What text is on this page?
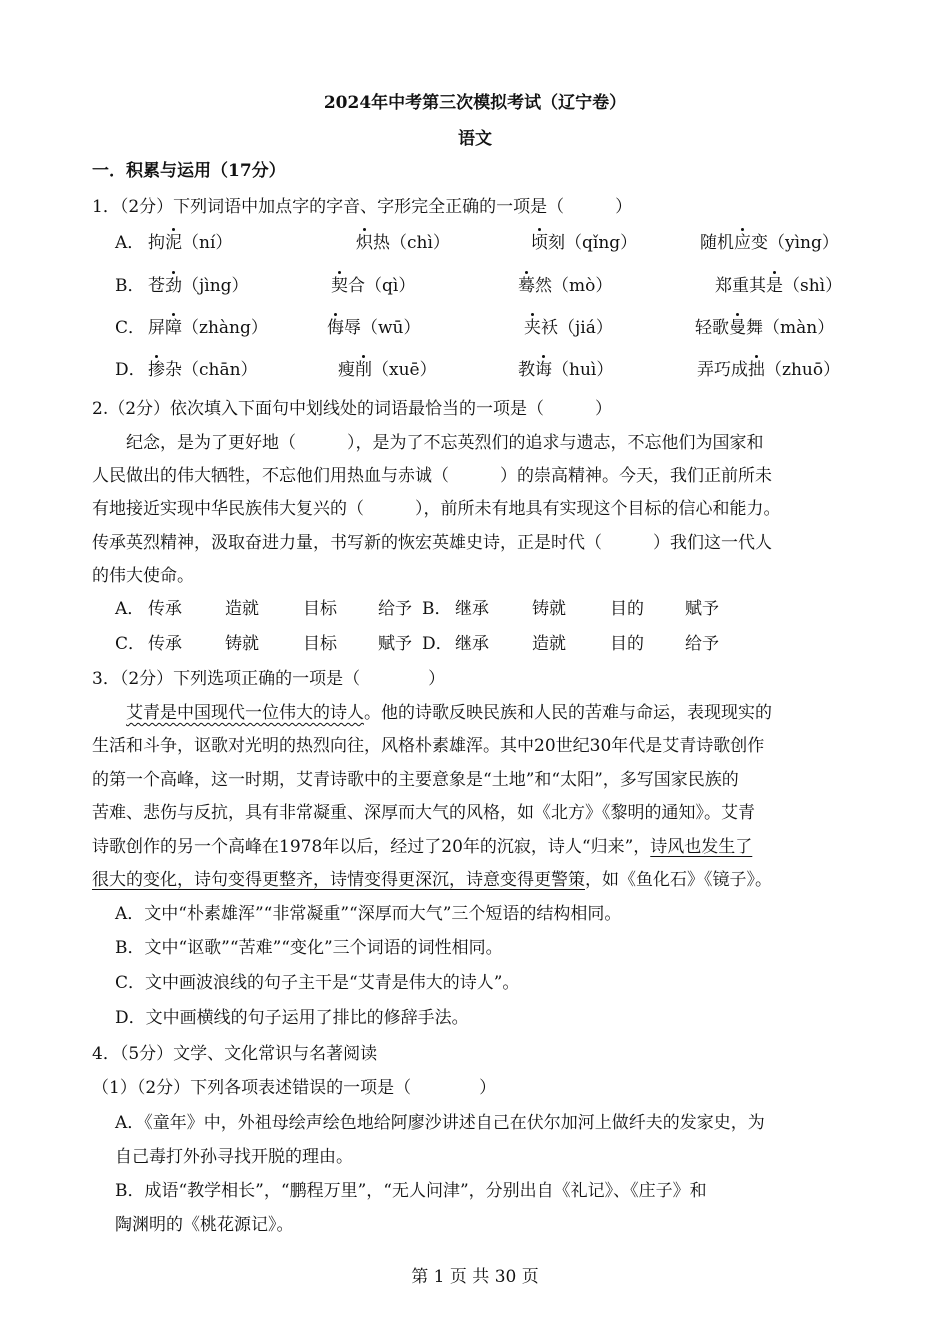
2024年中考第三次模拟考试（辽宁卷）
语文
一．积累与运用（17分）
1．（2分）下列词语中加点字的字音、字形完全正确的一项是（　　　）
A． 拘泥（ní）	炽热（chì）	顷刻（qǐng）	随机应变（yìng）
B． 苍劲（jìng）	契合（qì）	蓦然（mò）	郑重其是（shì）
C． 屏障（zhàng）	侮辱（wū）	夹袄（jiá）	轻歌曼舞（màn）
D． 掺杂（chān）	瘦削（xuē）	教诲（huì）	弄巧成拙（zhuō）
2.（2分）依次填入下面句中划线处的词语最恰当的一项是（　　　）
　　纪念，是为了更好地（　　　），是为了不忘英烈们的追求与遗志，不忘他们为国家和
人民做出的伟大牺牲，不忘他们用热血与赤诚（　　　）的崇高精神。今天，我们正前所未
有地接近实现中华民族伟大复兴的（　　　），前所未有地具有实现这个目标的信心和能力。
传承英烈精神，汲取奋进力量，书写新的恢宏英雄史诗，正是时代（　　　）我们这一代人
的伟大使命。
A． 传承	造就	目标 给予 B． 继承	铸就	目的 赋予
C． 传承	铸就	目标 赋予 D． 继承	造就	目的 给予
3．（2分）下列选项正确的一项是（　　　　）
艾青是中国现代一位伟大的诗人。他的诗歌反映民族和人民的苦难与命运，表现现实的
生活和斗争，讴歌对光明的热烈向往，风格朴素雄浑。其中20世纪30年代是艾青诗歌创作
的第一个高峰，这一时期，艾青诗歌中的主要意象是“土地”和“太阳”，多写国家民族的
苦难、悲伤与反抗，具有非常凝重、深厚而大气的风格，如《北方》《黎明的通知》。艾青
诗歌创作的另一个高峰在1978年以后，经过了20年的沉寂，诗人“归来”，诗风也发生了
很大的变化，诗句变得更整齐，诗情变得更深沉，诗意变得更警策，如《鱼化石》《镜子》。
A．文中“朴素雄浑”“非常凝重”“深厚而大气”三个短语的结构相同。
B．文中“讴歌”“苦难”“变化”三个词语的词性相同。
C．文中画波浪线的句子主干是“艾青是伟大的诗人”。
D．文中画横线的句子运用了排比的修辞手法。
4．（5分）文学、文化常识与名著阅读
（1）（2分）下列各项表述错误的一项是（　　　　）
A．《童年》中，外祖母绘声绘色地给阿廖沙讲述自己在伏尔加河上做纤夫的发家史，为
自己毒打外孙寻找开脱的理由。
B．成语“教学相长”，“鹏程万里”，“无人问津”，分别出自《礼记》、《庄子》和
陶渊明的《桃花源记》。
第 1 页 共 30 页
